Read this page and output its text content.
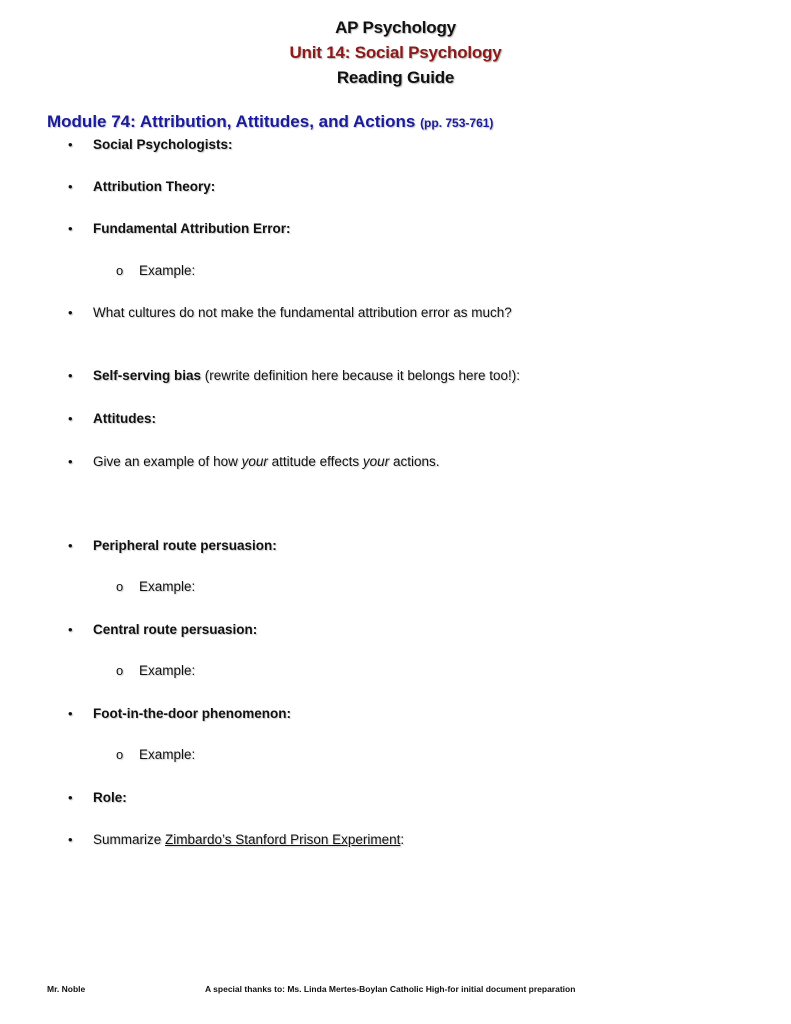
AP Psychology
Unit 14: Social Psychology
Reading Guide
Module 74: Attribution, Attitudes, and Actions (pp. 753-761)
• Social Psychologists:
• Attribution Theory:
• Fundamental Attribution Error:
o Example:
• What cultures do not make the fundamental attribution error as much?
• Self-serving bias (rewrite definition here because it belongs here too!):
• Attitudes:
• Give an example of how your attitude effects your actions.
• Peripheral route persuasion:
o Example:
• Central route persuasion:
o Example:
• Foot-in-the-door phenomenon:
o Example:
• Role:
• Summarize Zimbardo’s Stanford Prison Experiment:
Mr. Noble	A special thanks to: Ms. Linda Mertes-Boylan Catholic High-for initial document preparation
